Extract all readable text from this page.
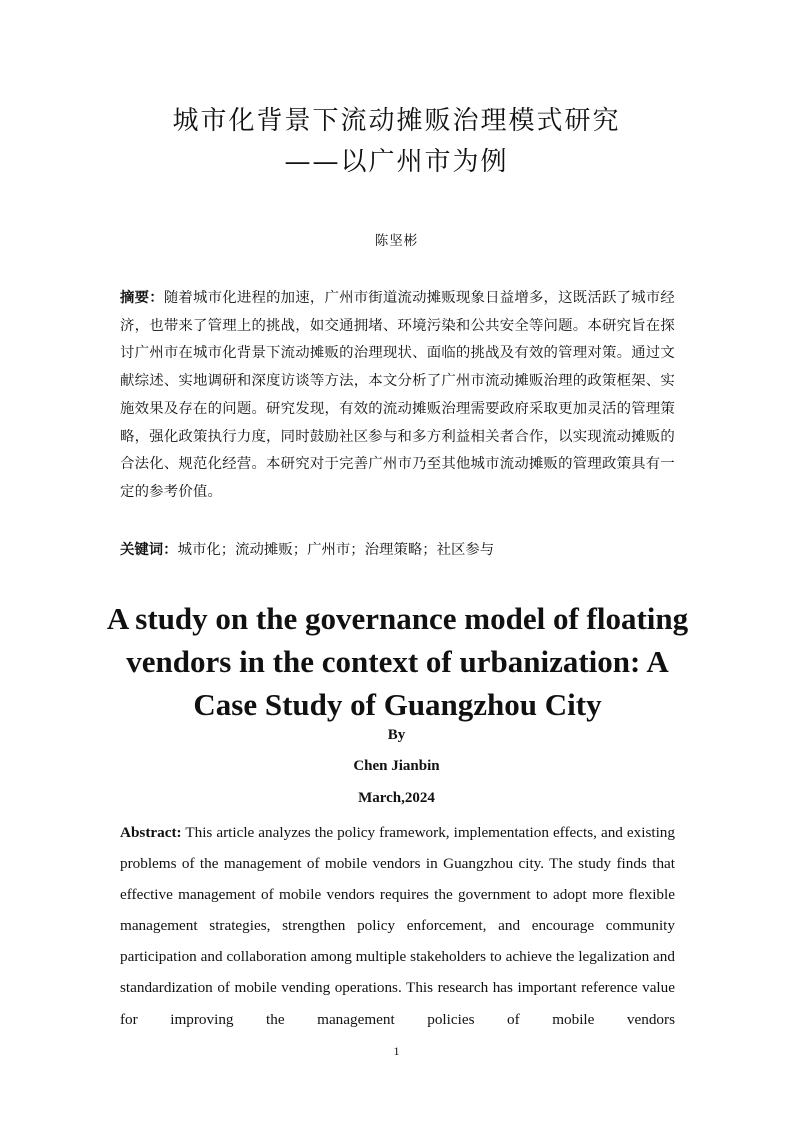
城市化背景下流动摊贩治理模式研究
——以广州市为例
陈坚彬

摘要：随着城市化进程的加速，广州市街道流动摊贩现象日益增多，这既活跃了城市经济，也带来了管理上的挑战，如交通拥堵、环境污染和公共安全等问题。本研究旨在探讨广州市在城市化背景下流动摊贩的治理现状、面临的挑战及有效的管理对策。通过文献综述、实地调研和深度访谈等方法，本文分析了广州市流动摊贩治理的政策框架、实施效果及存在的问题。研究发现，有效的流动摊贩治理需要政府采取更加灵活的管理策略，强化政策执行力度，同时鼓励社区参与和多方利益相关者合作，以实现流动摊贩的合法化、规范化经营。本研究对于完善广州市乃至其他城市流动摊贩的管理政策具有一定的参考价值。

关键词：城市化；流动摊贩；广州市；治理策略；社区参与

A study on the governance model of floating vendors in the context of urbanization: A Case Study of Guangzhou City
By
Chen Jianbin
March,2024

Abstract: This article analyzes the policy framework, implementation effects, and existing problems of the management of mobile vendors in Guangzhou city. The study finds that effective management of mobile vendors requires the government to adopt more flexible management strategies, strengthen policy enforcement, and encourage community participation and collaboration among multiple stakeholders to achieve the legalization and standardization of mobile vending operations. This research has important reference value for improving the management policies of mobile vendors

1
